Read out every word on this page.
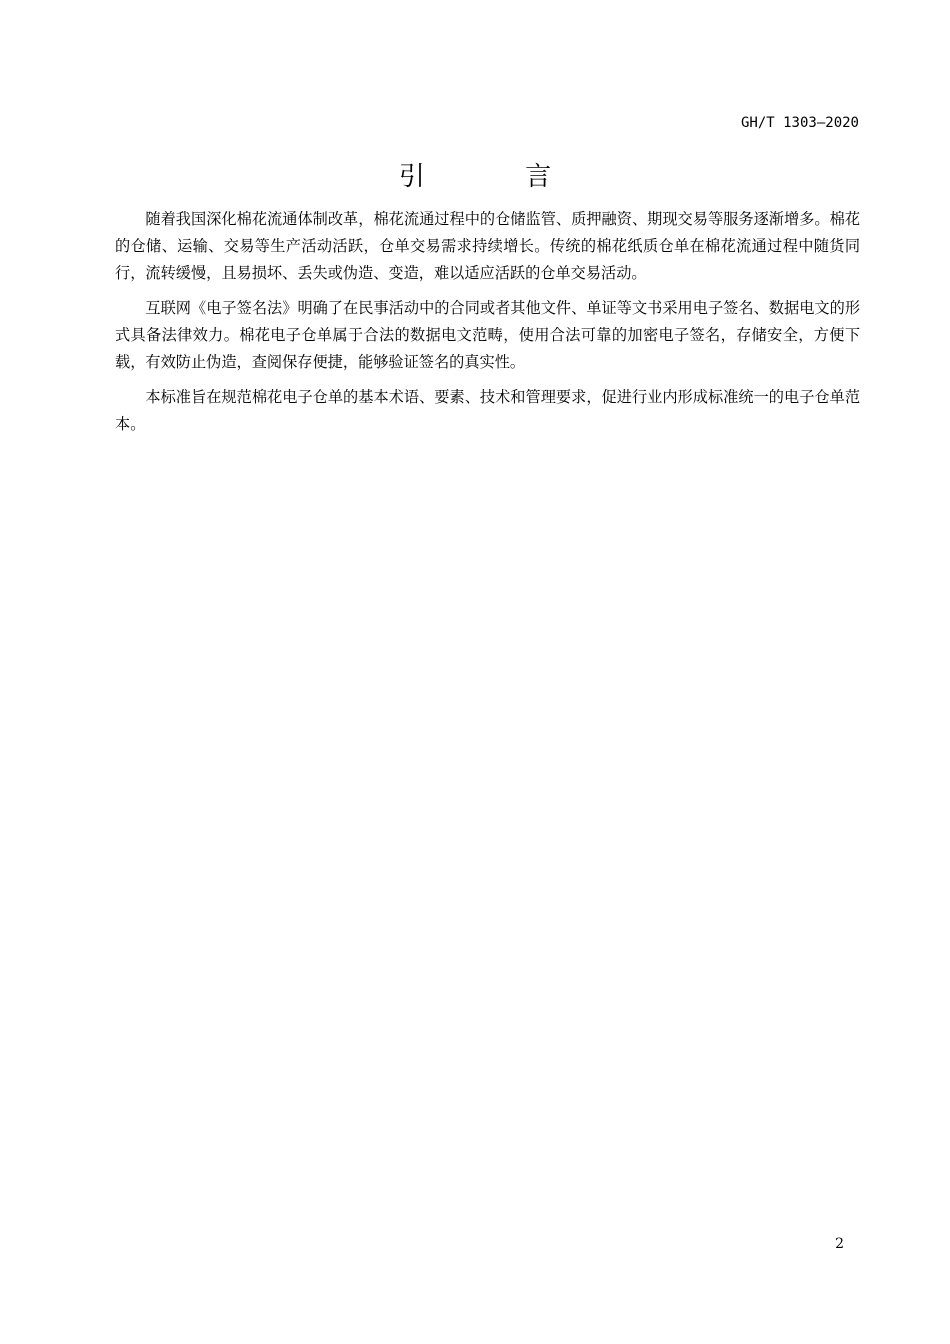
GH/T 1303—2020
引 言

随着我国深化棉花流通体制改革，棉花流通过程中的仓储监管、质押融资、期现交易等服务逐渐增多。棉花的仓储、运输、交易等生产活动活跃，仓单交易需求持续增长。传统的棉花纸质仓单在棉花流通过程中随货同行，流转缓慢，且易损坏、丢失或伪造、变造，难以适应活跃的仓单交易活动。

互联网《电子签名法》明确了在民事活动中的合同或者其他文件、单证等文书采用电子签名、数据电文的形式具备法律效力。棉花电子仓单属于合法的数据电文范畴，使用合法可靠的加密电子签名，存储安全，方便下载，有效防止伪造，查阅保存便捷，能够验证签名的真实性。

本标准旨在规范棉花电子仓单的基本术语、要素、技术和管理要求，促进行业内形成标准统一的电子仓单范本。

2
